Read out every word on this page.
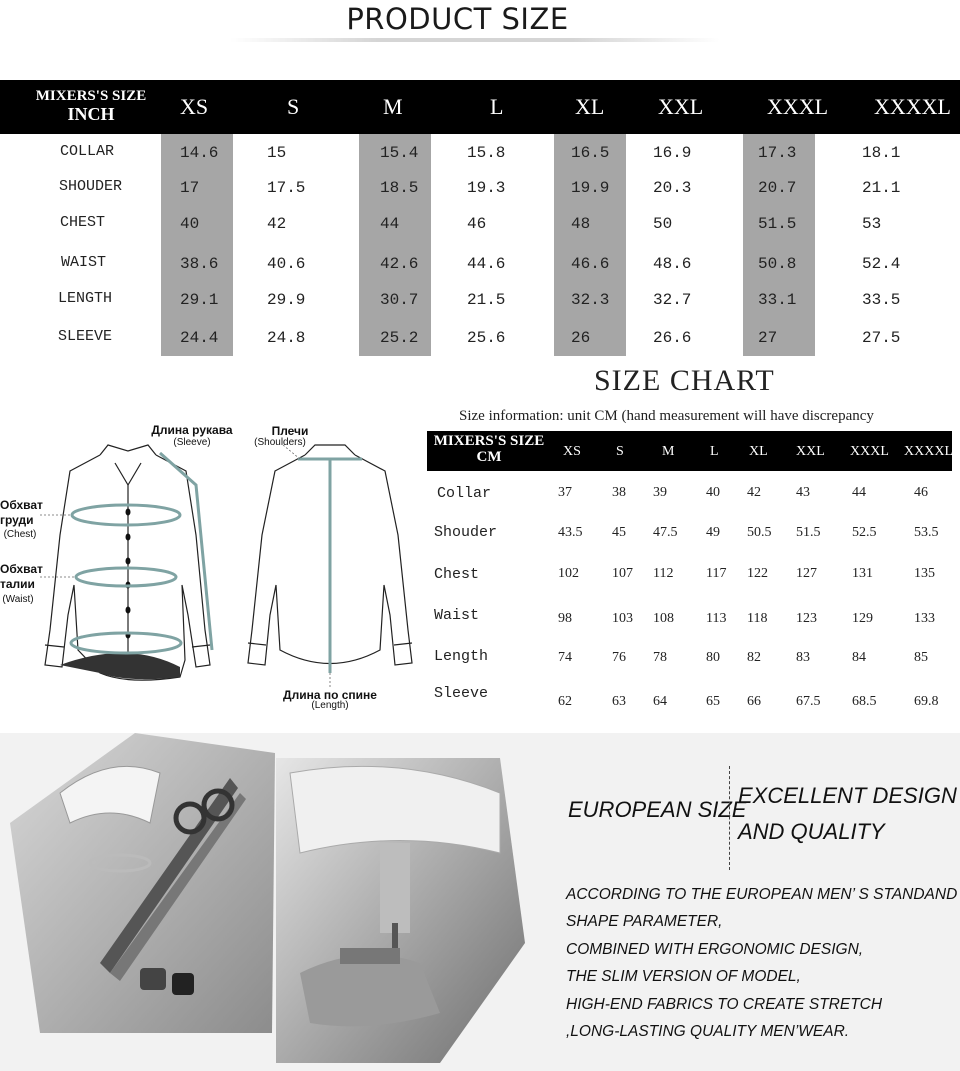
PRODUCT SIZE
MIXERS'S SIZE
INCH	XS	S	M	L	XL XXL	XXXL XXXXL
COLLAR	14.6	15	15.4	15.8	16.5	16.9	17.3	18.1
SHOUDER	17	17.5	18.5	19.3	19.9	20.3	20.7	21.1
CHEST	40	42	44	46	48	50	51.5	53
WAIST	38.6	40.6	42.6	44.6	46.6	48.6	50.8	52.4
LENGTH	29.1	29.9	30.7	21.5	32.3	32.7	33.1	33.5
SLEEVE	24.4	24.8	25.2	25.6	26	26.6	27	27.5
Длина рукава
(Sleeve)
Плечи
(Shoulders)
Обхват
груди
(Chest)
Обхват
талии
(Waist)
Длина по спине
(Length)
SIZE CHART
Size information: unit CM (hand measurement will have discrepancy
MIXERS'S SIZE
CM	XS	S	M	L XL XXL XXXL XXXXL
Collar	37	38 39	40 42	43	44	46
Shouder	43.5 45 47.5 49 50.5 51.5 52.5	53.5
Chest	102 107 112 117 122 127	131	135
Waist	98	103 108 113 118 123	129	133
Length	74	76 78	80 82	83	84	85
Sleeve	62	63 64	65 66	67.5 68.5	69.8
EUROPEAN SIZE
EXCELLENT DESIGN
AND QUALITY
ACCORDING TO THE EUROPEAN MEN’ S STANDAND
SHAPE PARAMETER,
COMBINED WITH ERGONOMIC DESIGN,
THE SLIM VERSION OF MODEL,
HIGH-END FABRICS TO CREATE STRETCH
,LONG-LASTING QUALITY MEN’WEAR.
